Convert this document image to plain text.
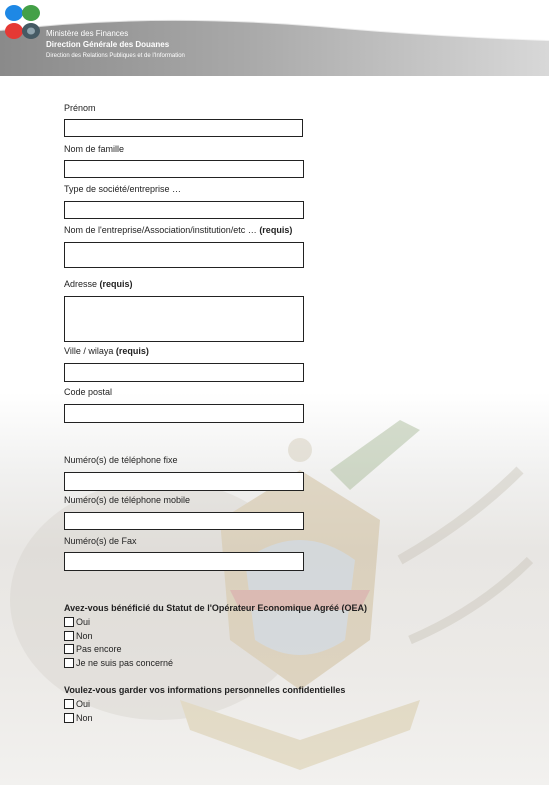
Ministère des Finances
Direction Générale des Douanes
Direction des Relations Publiques et de l'Information
Prénom
Nom de famille
Type de société/entreprise …
Nom de l'entreprise/Association/institution/etc … (requis)
Adresse (requis)
Ville / wilaya (requis)
Code postal
Numéro(s) de téléphone fixe
Numéro(s) de téléphone mobile
Numéro(s) de Fax
Avez-vous bénéficié du Statut de l'Opérateur Economique Agréé (OEA)
Oui
Non
Pas encore
Je ne suis pas concerné
Voulez-vous garder vos informations personnelles confidentielles
Oui
Non
